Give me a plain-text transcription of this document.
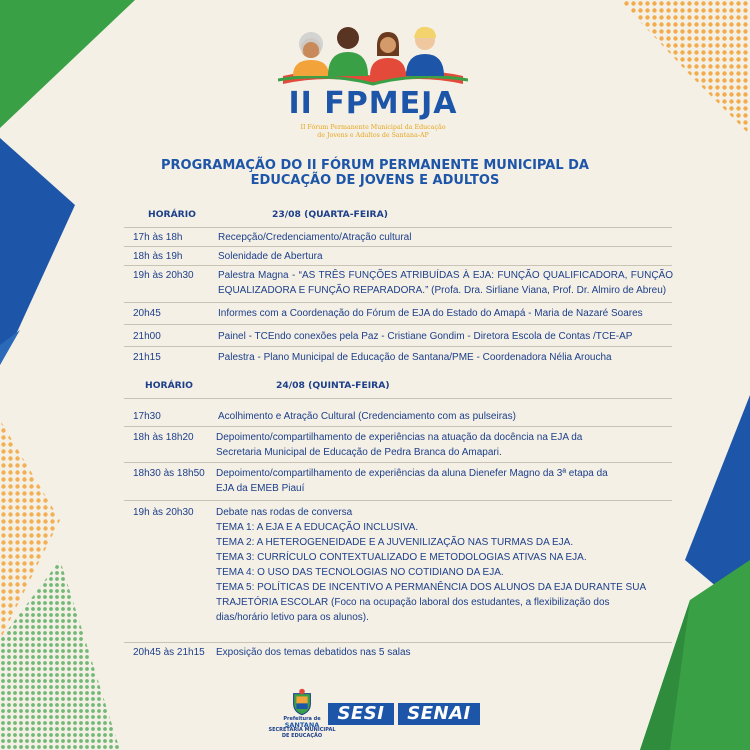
II FPMEJA
II Fórum Permanente Municipal da Educação
de Jovens e Adultos de Santana-AP
PROGRAMAÇÃO DO II FÓRUM PERMANENTE MUNICIPAL DA
EDUCAÇÃO DE JOVENS E ADULTOS
HORÁRIO	23/08 (QUARTA-FEIRA)
17h às 18h	Recepção/Credenciamento/Atração cultural
18h às 19h	Solenidade de Abertura
19h às 20h30 Palestra Magna - “AS TRÊS FUNÇÕES ATRIBUÍDAS À EJA: FUNÇÃO QUALIFICADORA, FUNÇÃO EQUALIZADORA E FUNÇÃO REPARADORA.” (Profa. Dra. Sirliane Viana, Prof. Dr. Almiro de Abreu)
20h45	Informes com a Coordenação do Fórum de EJA do Estado do Amapá - Maria de Nazaré Soares
21h00	Painel - TCEndo conexões pela Paz - Cristiane Gondim - Diretora Escola de Contas /TCE-AP
21h15	Palestra - Plano Municipal de Educação de Santana/PME - Coordenadora Nélia Aroucha
HORÁRIO	24/08 (QUINTA-FEIRA)
17h30	Acolhimento e Atração Cultural (Credenciamento com as pulseiras)
18h às 18h20 Depoimento/compartilhamento de experiências na atuação da docência na EJA da Secretaria Municipal de Educação de Pedra Branca do Amapari.
18h30 às 18h50 Depoimento/compartilhamento de experiências da aluna Dienefer Magno da 3ª etapa da EJA da EMEB Piauí
19h às 20h30 Debate nas rodas de conversa
TEMA 1: A EJA E A EDUCAÇÃO INCLUSIVA.
TEMA 2: A HETEROGENEIDADE E A JUVENILIZAÇÃO NAS TURMAS DA EJA.
TEMA 3: CURRÍCULO CONTEXTUALIZADO E METODOLOGIAS ATIVAS NA EJA.
TEMA 4: O USO DAS TECNOLOGIAS NO COTIDIANO DA EJA.
TEMA 5: POLÍTICAS DE INCENTIVO A PERMANÊNCIA DOS ALUNOS DA EJA DURANTE SUA TRAJETÓRIA ESCOLAR (Foco na ocupação laboral dos estudantes, a flexibilização dos dias/horário letivo para os alunos).
20h45 às 21h15 Exposição dos temas debatidos nas 5 salas
Prefeitura de
SANTANA
SECRETARIA MUNICIPAL
DE EDUCAÇÃO
SESI	SENAI
